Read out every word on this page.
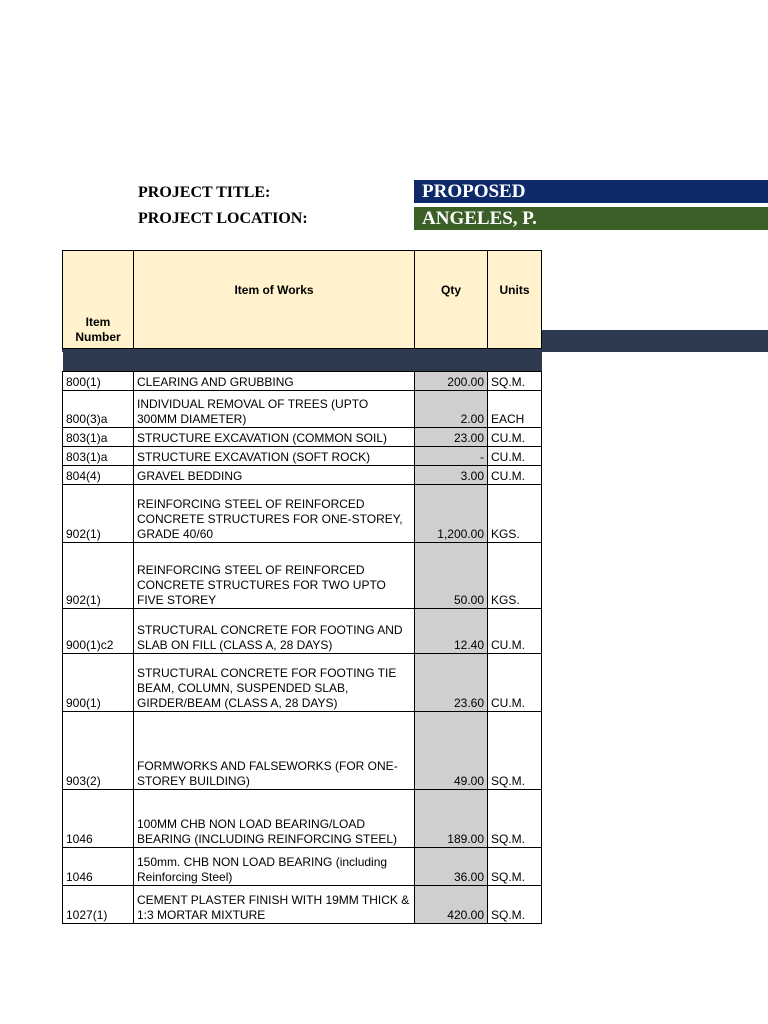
PROJECT TITLE:
PROJECT LOCATION:
PROPOSED
ANGELES, P.
Item Number	Item of Works	Qty	Units

800(1)	CLEARING AND GRUBBING	200.00	SQ.M.
800(3)a	INDIVIDUAL REMOVAL OF TREES (UPTO 300MM DIAMETER)	2.00	EACH
803(1)a	STRUCTURE EXCAVATION (COMMON SOIL)	23.00	CU.M.
803(1)a	STRUCTURE EXCAVATION (SOFT ROCK)	-	CU.M.
804(4)	GRAVEL BEDDING	3.00	CU.M.
902(1)	REINFORCING STEEL OF REINFORCED CONCRETE STRUCTURES FOR ONE-STOREY, GRADE 40/60	1,200.00	KGS.
902(1)	REINFORCING STEEL OF REINFORCED CONCRETE STRUCTURES FOR TWO UPTO FIVE STOREY	50.00	KGS.
900(1)c2	STRUCTURAL CONCRETE FOR FOOTING AND SLAB ON FILL (CLASS A, 28 DAYS)	12.40	CU.M.
900(1)	STRUCTURAL CONCRETE FOR FOOTING TIE BEAM, COLUMN, SUSPENDED SLAB, GIRDER/BEAM (CLASS A, 28 DAYS)	23.60	CU.M.
903(2)	FORMWORKS AND FALSEWORKS (FOR ONE-STOREY BUILDING)	49.00	SQ.M.
1046	100MM CHB NON LOAD BEARING/LOAD BEARING (INCLUDING REINFORCING STEEL)	189.00	SQ.M.
1046	150mm. CHB NON LOAD BEARING (including Reinforcing Steel)	36.00	SQ.M.
1027(1)	CEMENT PLASTER FINISH WITH 19MM THICK & 1:3 MORTAR MIXTURE	420.00	SQ.M.
